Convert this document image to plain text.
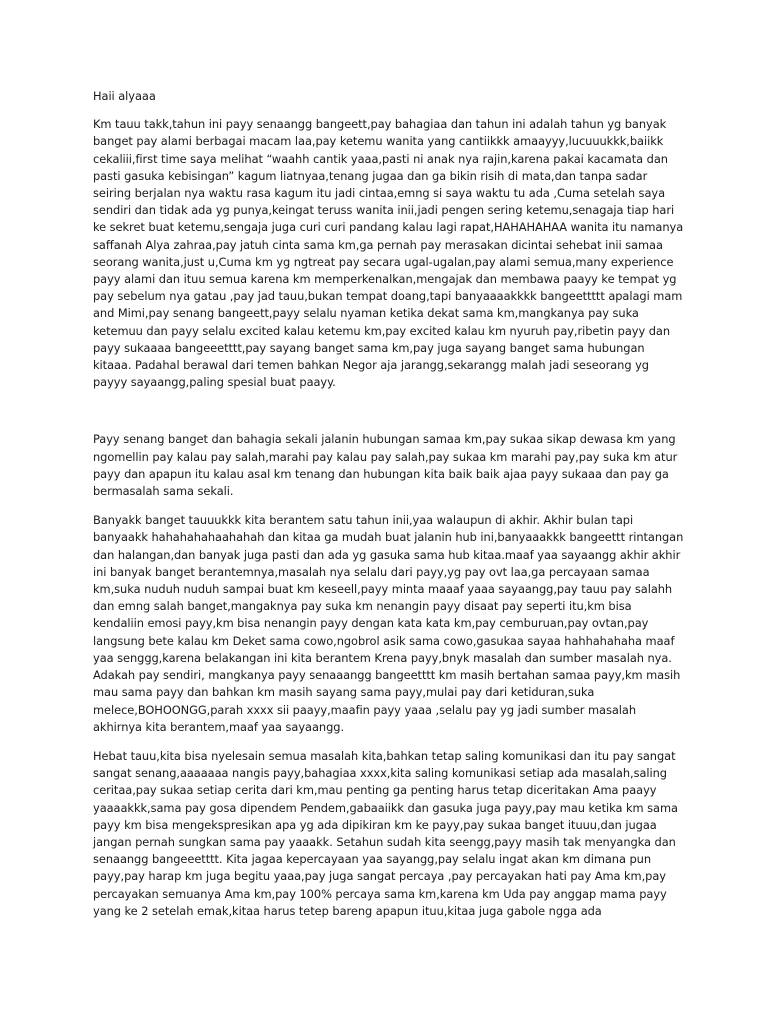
Haii alyaaa

Km tauu takk,tahun ini payy senaangg bangeett,pay bahagiaa dan tahun ini adalah tahun yg banyak banget pay alami berbagai macam laa,pay ketemu wanita yang cantiikkk amaayyy,lucuuukkk,baiikk cekaliii,first time saya melihat “waahh cantik yaaa,pasti ni anak nya rajin,karena pakai kacamata dan pasti gasuka kebisingan” kagum liatnyaa,tenang jugaa dan ga bikin risih di mata,dan tanpa sadar seiring berjalan nya waktu rasa kagum itu jadi cintaa,emng si saya waktu tu ada ,Cuma setelah saya sendiri dan tidak ada yg punya,keingat teruss wanita inii,jadi pengen sering ketemu,senagaja tiap hari ke sekret buat ketemu,sengaja juga curi curi pandang kalau lagi rapat,HAHAHAHAA wanita itu namanya saffanah Alya zahraa,pay jatuh cinta sama km,ga pernah pay merasakan dicintai sehebat inii samaa seorang wanita,just u,Cuma km yg ngtreat pay secara ugal-ugalan,pay alami semua,many experience payy alami dan ituu semua karena km memperkenalkan,mengajak dan membawa paayy ke tempat yg pay sebelum nya gatau ,pay jad tauu,bukan tempat doang,tapi banyaaaakkkk bangeettttt apalagi mam and Mimi,pay senang bangeett,payy selalu nyaman ketika dekat sama km,mangkanya pay suka ketemuu dan payy selalu excited kalau ketemu km,pay excited kalau km nyuruh pay,ribetin payy dan payy sukaaaa bangeeetttt,pay sayang banget sama km,pay juga sayang banget sama hubungan kitaaa. Padahal berawal dari temen bahkan Negor aja jarangg,sekarangg malah jadi seseorang yg payyy sayaangg,paling spesial buat paayy.

Payy senang banget dan bahagia sekali jalanin hubungan samaa km,pay sukaa sikap dewasa km yang ngomellin pay kalau pay salah,marahi pay kalau pay salah,pay sukaa km marahi pay,pay suka km atur payy dan apapun itu kalau asal km tenang dan hubungan kita baik baik ajaa payy sukaaa dan pay ga bermasalah sama sekali.

Banyakk banget tauuukkk kita berantem satu tahun inii,yaa walaupun di akhir. Akhir bulan tapi banyaakk hahahahahaahahah dan kitaa ga mudah buat jalanin hub ini,banyaaakkk bangeettt rintangan dan halangan,dan banyak juga pasti dan ada yg gasuka sama hub kitaa.maaf yaa sayaangg akhir akhir ini banyak banget berantemnya,masalah nya selalu dari payy,yg pay ovt laa,ga percayaan samaa km,suka nuduh nuduh sampai buat km keseell,payy minta maaaf yaaa sayaangg,pay tauu pay salahh dan emng salah banget,mangaknya pay suka km nenangin payy disaat pay seperti itu,km bisa kendaliin emosi payy,km bisa nenangin payy dengan kata kata km,pay cemburuan,pay ovtan,pay langsung bete kalau km Deket sama cowo,ngobrol asik sama cowo,gasukaa sayaa hahhahahaha maaf yaa senggg,karena belakangan ini kita berantem Krena payy,bnyk masalah dan sumber masalah nya. Adakah pay sendiri, mangkanya payy senaaangg bangeetttt km masih bertahan samaa payy,km masih mau sama payy dan bahkan km masih sayang sama payy,mulai pay dari ketiduran,suka melece,BOHOONGG,parah xxxx sii paayy,maafin payy yaaa ,selalu pay yg jadi sumber masalah akhirnya kita berantem,maaf yaa sayaangg.

Hebat tauu,kita bisa nyelesain semua masalah kita,bahkan tetap saling komunikasi dan itu pay sangat sangat senang,aaaaaaa nangis payy,bahagiaa xxxx,kita saling komunikasi setiap ada masalah,saling ceritaa,pay sukaa setiap cerita dari km,mau penting ga penting harus tetap diceritakan Ama paayy yaaaakkk,sama pay gosa dipendem Pendem,gabaaiikk dan gasuka juga payy,pay mau ketika km sama payy km bisa mengekspresikan apa yg ada dipikiran km ke payy,pay sukaa banget ituuu,dan jugaa jangan pernah sungkan sama pay yaaakk. Setahun sudah kita seengg,payy masih tak menyangka dan senaangg bangeeetttt. Kita jagaa kepercayaan yaa sayangg,pay selalu ingat akan km dimana pun payy,pay harap km juga begitu yaaa,pay juga sangat percaya ,pay percayakan hati pay Ama km,pay percayakan semuanya Ama km,pay 100% percaya sama km,karena km Uda pay anggap mama payy yang ke 2 setelah emak,kitaa harus tetep bareng apapun ituu,kitaa juga gabole ngga ada
